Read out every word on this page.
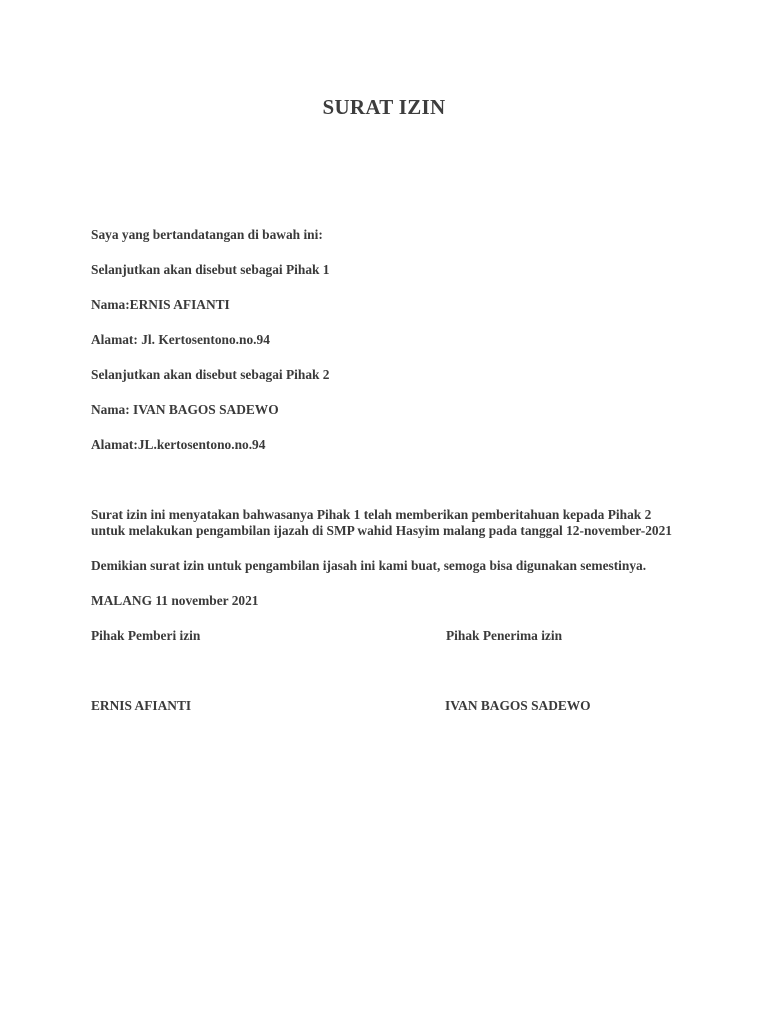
SURAT IZIN
Saya yang bertandatangan di bawah ini:
Selanjutkan akan disebut sebagai Pihak 1
Nama:ERNIS AFIANTI
Alamat: Jl. Kertosentono.no.94
Selanjutkan akan disebut sebagai Pihak 2
Nama: IVAN BAGOS SADEWO
Alamat:JL.kertosentono.no.94
Surat izin ini menyatakan bahwasanya Pihak 1 telah memberikan pemberitahuan kepada Pihak 2
untuk melakukan pengambilan ijazah di SMP wahid Hasyim malang pada tanggal 12-november-2021
Demikian surat izin untuk pengambilan ijasah ini kami buat, semoga bisa digunakan semestinya.
MALANG 11 november 2021
Pihak Pemberi izin	Pihak Penerima izin
ERNIS AFIANTI	IVAN BAGOS SADEWO
